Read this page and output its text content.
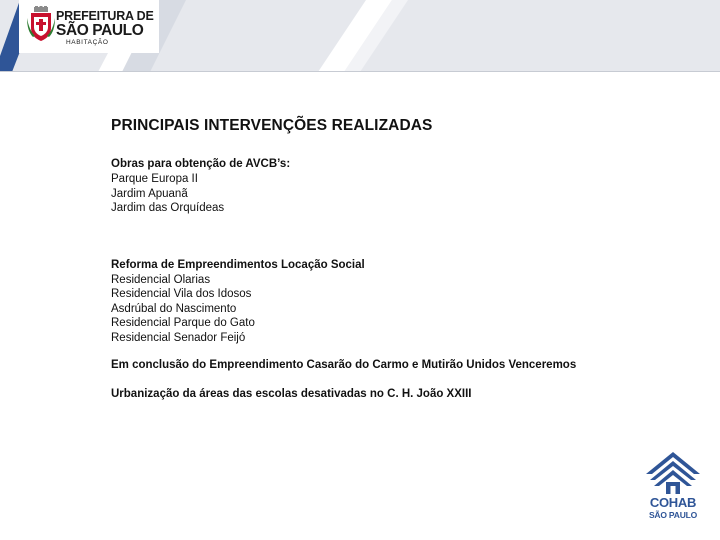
PREFEITURA DE
SÃO PAULO
HABITAÇÃO
PRINCIPAIS INTERVENÇÕES REALIZADAS
Obras para obtenção de AVCB’s:
Parque Europa II
Jardim Apuanã
Jardim das Orquídeas
Reforma de Empreendimentos Locação Social
Residencial Olarias
Residencial Vila dos Idosos
Asdrúbal do Nascimento
Residencial Parque do Gato
Residencial Senador Feijó
Em conclusão do Empreendimento Casarão do Carmo e Mutirão Unidos Venceremos
Urbanização da áreas das escolas desativadas no C. H. João XXIII
COHAB
SÃO PAULO
